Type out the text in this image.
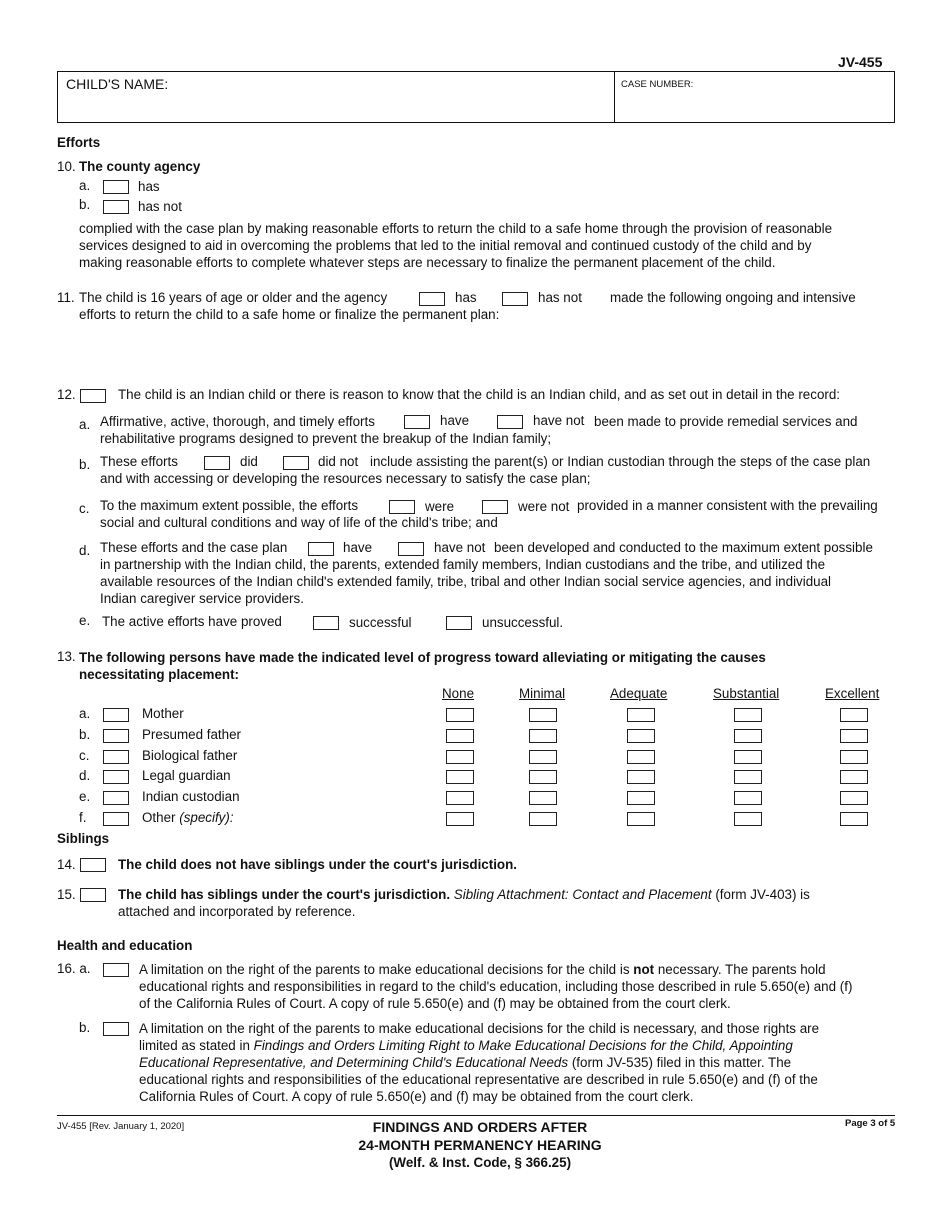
JV-455
CHILD'S NAME:	CASE NUMBER:
Efforts
10. The county agency
a.	has
b.	has not
complied with the case plan by making reasonable efforts to return the child to a safe home through the provision of reasonable
services designed to aid in overcoming the problems that led to the initial removal and continued custody of the child and by
making reasonable efforts to complete whatever steps are necessary to finalize the permanent placement of the child.
11. The child is 16 years of age or older and the agency	has	has not made the following ongoing and intensive
efforts to return the child to a safe home or finalize the permanent plan:
12.	The child is an Indian child or there is reason to know that the child is an Indian child, and as set out in detail in the record:
a. Affirmative, active, thorough, and timely efforts	have	have not been made to provide remedial services and
rehabilitative programs designed to prevent the breakup of the Indian family;
b. These efforts	did	did not include assisting the parent(s) or Indian custodian through the steps of the case plan
and with accessing or developing the resources necessary to satisfy the case plan;
c. To the maximum extent possible, the efforts	were	were not provided in a manner consistent with the prevailing
social and cultural conditions and way of life of the child's tribe; and
d. These efforts and the case plan	have	have not been developed and conducted to the maximum extent possible
in partnership with the Indian child, the parents, extended family members, Indian custodians and the tribe, and utilized the
available resources of the Indian child's extended family, tribe, tribal and other Indian social service agencies, and individual
Indian caregiver service providers.
e. The active efforts have proved	successful	unsuccessful.
13. The following persons have made the indicated level of progress toward alleviating or mitigating the causes
necessitating placement:
None	Minimal	Adequate	Substantial	Excellent
a.	Mother
b.	Presumed father
c.	Biological father
d.	Legal guardian
e.	Indian custodian
f.	Other (specify):
Siblings
14.	The child does not have siblings under the court's jurisdiction.
15.	The child has siblings under the court's jurisdiction. Sibling Attachment: Contact and Placement (form JV-403) is
attached and incorporated by reference.
Health and education
16. a.	A limitation on the right of the parents to make educational decisions for the child is not necessary. The parents hold
educational rights and responsibilities in regard to the child's education, including those described in rule 5.650(e) and (f)
of the California Rules of Court. A copy of rule 5.650(e) and (f) may be obtained from the court clerk.
b.	A limitation on the right of the parents to make educational decisions for the child is necessary, and those rights are
limited as stated in Findings and Orders Limiting Right to Make Educational Decisions for the Child, Appointing
Educational Representative, and Determining Child's Educational Needs (form JV-535) filed in this matter. The
educational rights and responsibilities of the educational representative are described in rule 5.650(e) and (f) of the
California Rules of Court. A copy of rule 5.650(e) and (f) may be obtained from the court clerk.
JV-455 [Rev. January 1, 2020]	FINDINGS AND ORDERS AFTER
24-MONTH PERMANENCY HEARING
(Welf. & Inst. Code, § 366.25)
Page 3 of 5
